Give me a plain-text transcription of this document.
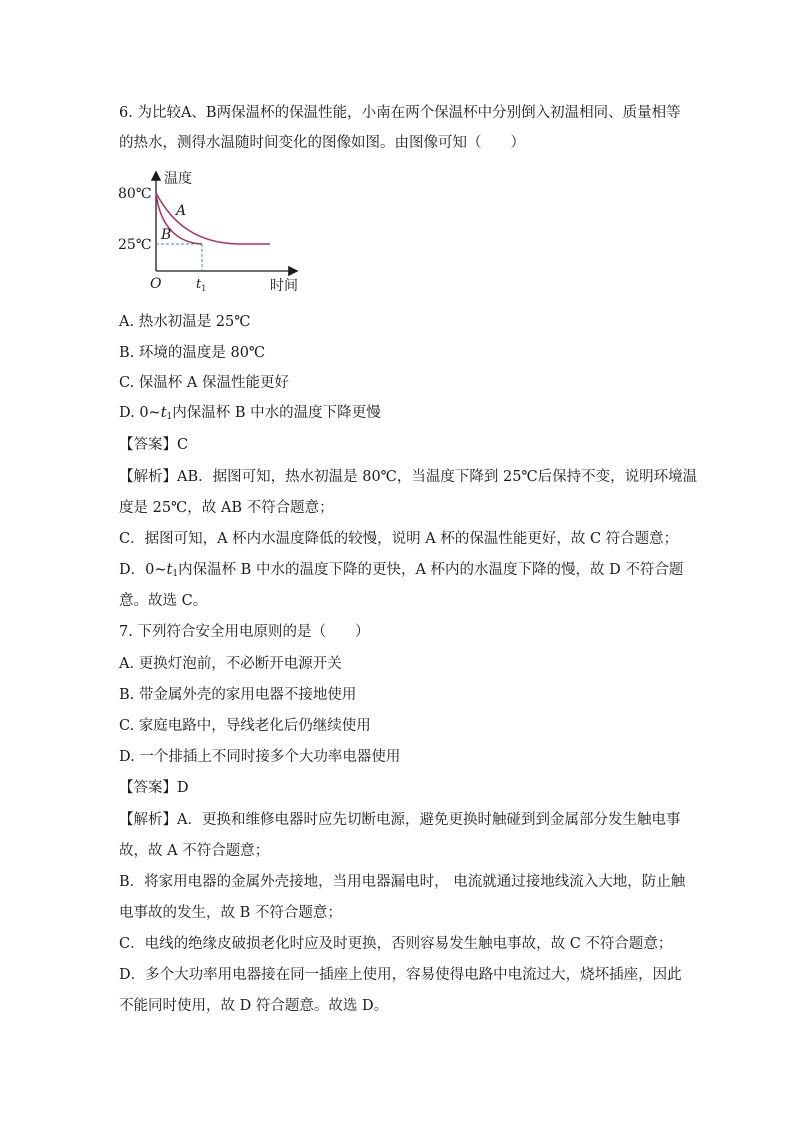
6. 为比较A、B两保温杯的保温性能，小南在两个保温杯中分别倒入初温相同、质量相等
的热水，测得水温随时间变化的图像如图。由图像可知（　　）
温度
时间
O
80℃
25℃
A
B
$t_1$
A. 热水初温是 25℃
B. 环境的温度是 80℃
C. 保温杯 A 保温性能更好
D. $0\sim t_1$内保温杯 B 中水的温度下降更慢
【答案】C
【解析】AB．据图可知，热水初温是 80℃，当温度下降到 25℃后保持不变，说明环境温
度是 25℃，故 AB 不符合题意；
C．据图可知，A 杯内水温度降低的较慢，说明 A 杯的保温性能更好，故 C 符合题意；
D．$0\sim t_1$内保温杯 B 中水的温度下降的更快，A 杯内的水温度下降的慢，故 D 不符合题
意。故选 C。
7. 下列符合安全用电原则的是（　　）
A. 更换灯泡前，不必断开电源开关
B. 带金属外壳的家用电器不接地使用
C. 家庭电路中，导线老化后仍继续使用
D. 一个排插上不同时接多个大功率电器使用
【答案】D
【解析】A．更换和维修电器时应先切断电源，避免更换时触碰到到金属部分发生触电事
故，故 A 不符合题意；
B．将家用电器的金属外壳接地，当用电器漏电时， 电流就通过接地线流入大地，防止触
电事故的发生，故 B 不符合题意；
C．电线的绝缘皮破损老化时应及时更换，否则容易发生触电事故，故 C 不符合题意；
D．多个大功率用电器接在同一插座上使用，容易使得电路中电流过大，烧坏插座，因此
不能同时使用，故 D 符合题意。故选 D。
